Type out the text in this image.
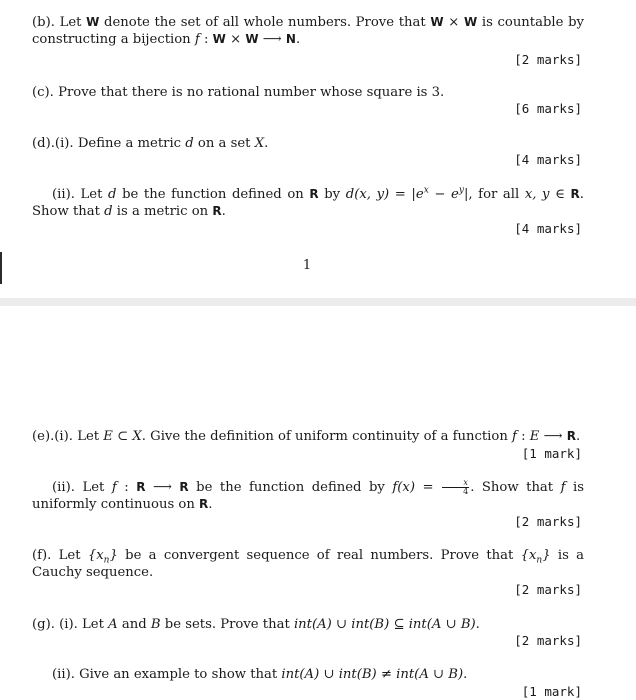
(b). Let W denote the set of all whole numbers. Prove that W × W is countable by constructing a bijection f : W × W ⟶ N.
[2 marks]
(c). Prove that there is no rational number whose square is 3.
[6 marks]
(d).(i). Define a metric d on a set X.
[4 marks]
(ii). Let d be the function defined on R by d(x, $y) = |e^x - e^y|$, for all x, y ∈ R. Show that d is a metric on R.
[4 marks]
1
(e).(i). Let E ⊂ X. Give the definition of uniform continuity of a function f : E ⟶ R.
[1 mark]
(ii). Let f : R ⟶ R be the function defined by $f(x) = \frac{x}{4}$ . Show that f is uniformly continuous on R.
[2 marks]
(f). Let $\{x_n\}$ be a convergent sequence of real numbers. Prove that $\{x_n\}$ is a Cauchy sequence.
[2 marks]
(g). (i). Let A and B be sets. Prove that int(A) ∪ int(B) ⊆ int(A ∪ B).
[2 marks]
(ii). Give an example to show that int(A) ∪ int(B) ≠ int(A ∪ B).
[1 mark]
